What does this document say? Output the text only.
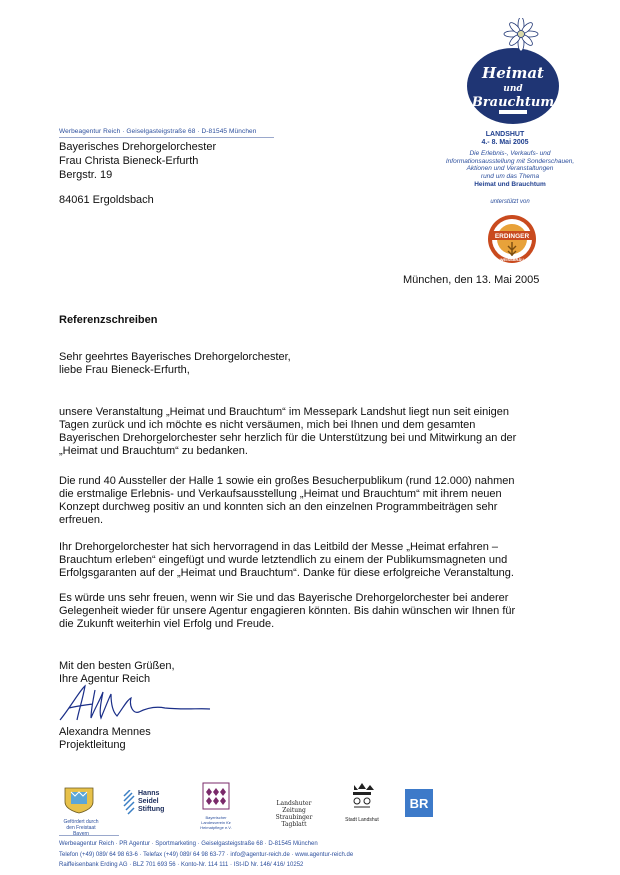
Werbeagentur Reich · Geiselgasteigstraße 68 · D-81545 München
Bayerisches Drehorgelorchester
Frau Christa Bieneck-Erfurth
Bergstr. 19
84061 Ergoldsbach
Heimat
und
Brauchtum
LANDSHUT
4.- 8. Mai 2005
Die Erlebnis-, Verkaufs- und
Informationsausstellung mit Sonderschauen,
Aktionen und Veranstaltungen
rund um das Thema
Heimat und Brauchtum
unterstützt von
ERDINGER
WEISSBRÄU
München, den 13. Mai 2005
Referenzschreiben

Sehr geehrtes Bayerisches Drehorgelorchester,

liebe Frau Bieneck-Erfurth,

unsere Veranstaltung „Heimat und Brauchtum“ im Messepark Landshut liegt nun seit einigen

Tagen zurück und ich möchte es nicht versäumen, mich bei Ihnen und dem gesamten

Bayerischen Drehorgelorchester sehr herzlich für die Unterstützung bei und Mitwirkung an der

„Heimat und Brauchtum“ zu bedanken.

Die rund 40 Aussteller der Halle 1 sowie ein großes Besucherpublikum (rund 12.000) nahmen

die erstmalige Erlebnis- und Verkaufsausstellung „Heimat und Brauchtum“ mit ihrem neuen

Konzept durchweg positiv an und konnten sich an den einzelnen Programmbeiträgen sehr

erfreuen.

Ihr Drehorgelorchester hat sich hervorragend in das Leitbild der Messe „Heimat erfahren –

Brauchtum erleben“ eingefügt und wurde letztendlich zu einem der Publikumsmagneten und

Erfolgsgaranten auf der „Heimat und Brauchtum“. Danke für diese erfolgreiche Veranstaltung.

Es würde uns sehr freuen, wenn wir Sie und das Bayerische Drehorgelorchester bei anderer

Gelegenheit wieder für unsere Agentur engagieren könnten. Bis dahin wünschen wir Ihnen für

die Zukunft weiterhin viel Erfolg und Freude.

Mit den besten Grüßen,
Ihre Agentur Reich
Alexandra Mennes
Projektleitung
Gefördert durch den Freistaat Bayern
Hanns
Seidel
Stiftung
Bayerischer Landesverein für Heimatpflege e.V.
Landshuter Zeitung
Straubinger Tagblatt
Stadt Landshut
BR
Werbeagentur Reich · PR Agentur · Sportmarketing · Geiselgasteigstraße 68 · D-81545 München
Telefon (+49) 089/ 64 98 63-6 · Telefax (+49) 089/ 64 98 63-77 · info@agentur-reich.de · www.agentur-reich.de
Raiffeisenbank Erding AG · BLZ 701 693 56 · Konto-Nr. 114 111 · ISt-ID Nr. 146/ 416/ 10252
